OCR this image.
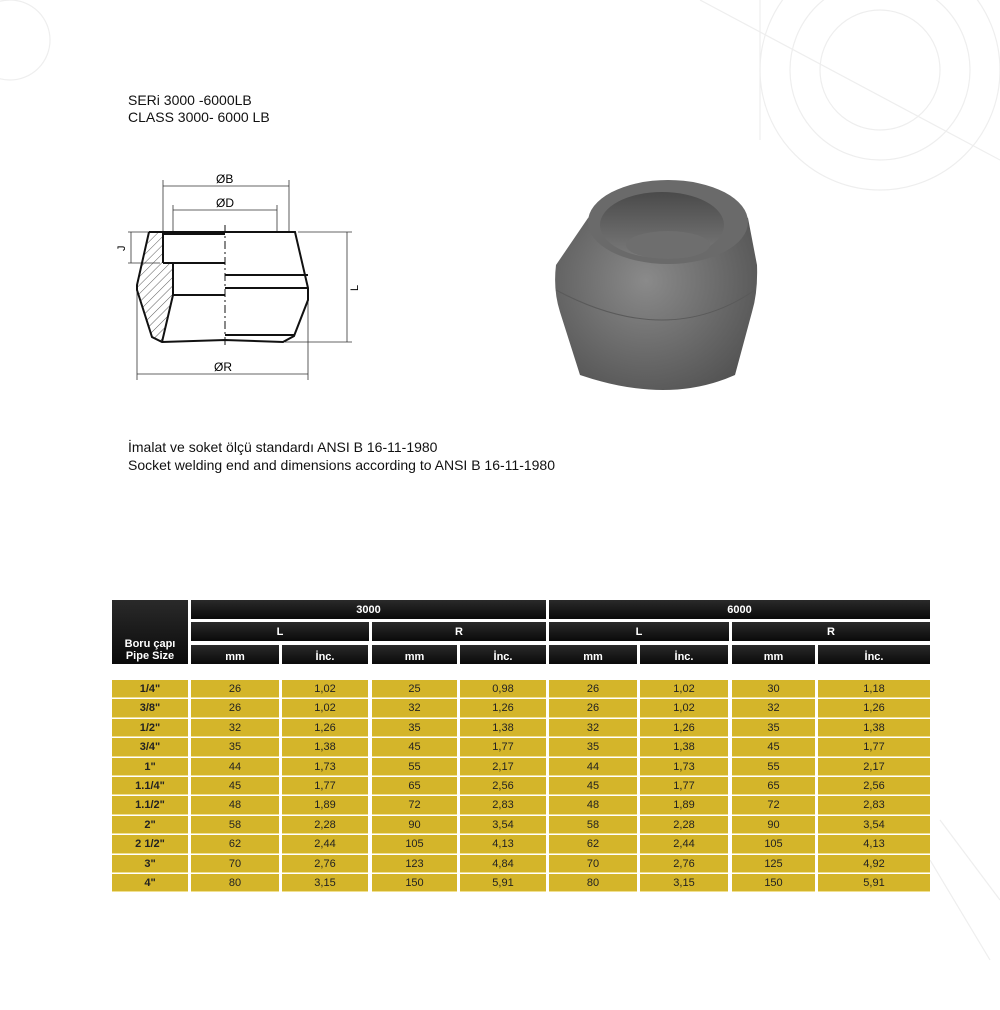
SERi 3000 -6000LB
CLASS 3000- 6000 LB
ØB
ØD
ØR
J
L
İmalat ve soket ölçü standardı ANSI B 16-11-1980
Socket welding end and dimensions according to ANSI B 16-11-1980
Boru çapı
Pipe Size
3000	6000
L	R	L	R
mm	İnc.	mm	İnc.	mm	İnc.	mm	İnc.
1/4"	26	1,02	25	0,98	26	1,02	30	1,18
3/8"	26	1,02	32	1,26	26	1,02	32	1,26
1/2"	32	1,26	35	1,38	32	1,26	35	1,38
3/4"	35	1,38	45	1,77	35	1,38	45	1,77
1"	44	1,73	55	2,17	44	1,73	55	2,17
1.1/4"	45	1,77	65	2,56	45	1,77	65	2,56
1.1/2"	48	1,89	72	2,83	48	1,89	72	2,83
2"	58	2,28	90	3,54	58	2,28	90	3,54
2 1/2"	62	2,44	105	4,13	62	2,44	105	4,13
3"	70	2,76	123	4,84	70	2,76	125	4,92
4"	80	3,15	150	5,91	80	3,15	150	5,91
